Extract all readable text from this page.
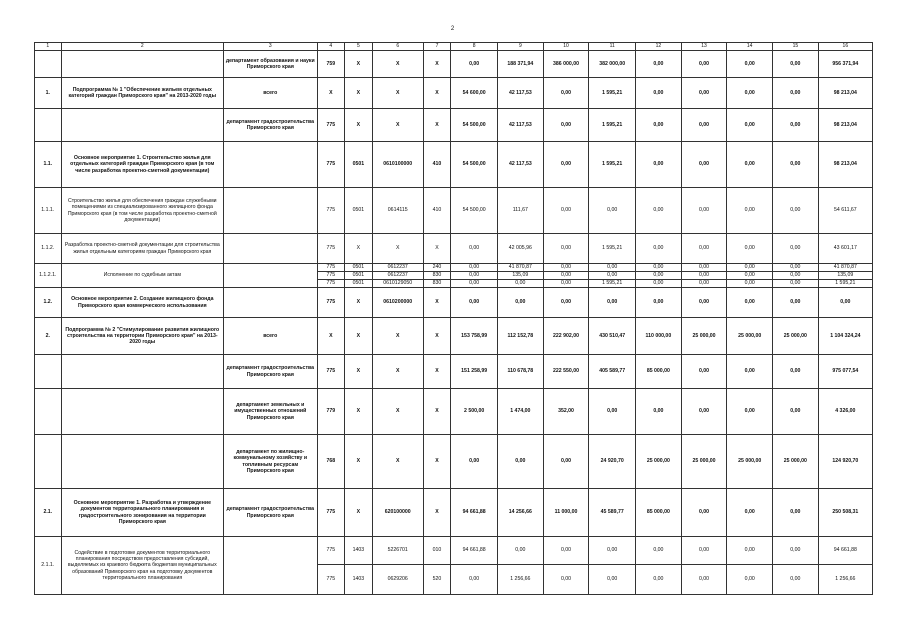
2
1	2	3	4	5	6	7	8	9	10	11	12	13	14	15	16
		департамент образования и науки Приморского края	759	Х	Х	Х	0,00	188 371,94	386 000,00	382 000,00	0,00	0,00	0,00	0,00	956 371,94
1.	Подпрограмма № 1 "Обеспечение жильем отдельных категорий граждан Приморского края" на 2013-2020 годы	всего	Х	Х	Х	Х	54 600,00	42 117,53	0,00	1 595,21	0,00	0,00	0,00	0,00	98 213,04
		департамент градостроительства Приморского края	775	Х	Х	Х	54 500,00	42 117,53	0,00	1 595,21	0,00	0,00	0,00	0,00	98 213,04
1.1.	Основное мероприятие 1. Строительство жилья для отдельных категорий граждан Приморского края (в том числе разработка проектно-сметной документации)		775	0501	0610100000	410	54 500,00	42 117,53	0,00	1 595,21	0,00	0,00	0,00	0,00	98 213,04
1.1.1.	Строительство жилья для обеспечения граждан служебными помещениями из специализированного жилищного фонда Приморского края (в том числе разработка проектно-сметной документации)		775	0501	0614115	410	54 500,00	111,67	0,00	0,00	0,00	0,00	0,00	0,00	54 611,67
1.1.2.	Разработка проектно-сметной документации для строительства жилья отдельным категориям граждан Приморского края		775	Х	Х	Х	0,00	42 005,96	0,00	1 595,21	0,00	0,00	0,00	0,00	43 601,17
1.1.2.1.	Исполнение по судебным актам		775	0501	0612237	240	0,00	41 870,87	0,00	0,00	0,00	0,00	0,00	0,00	41 870,87
			775	0501	0612237	830	0,00	135,09	0,00	0,00	0,00	0,00	0,00	0,00	135,09
			775	0501	0610129050	830	0,00	0,00	0,00	1 595,21	0,00	0,00	0,00	0,00	1 595,21
1.2.	Основное мероприятие 2. Создание жилищного фонда Приморского края коммерческого использования		775	Х	0610200000	Х	0,00	0,00	0,00	0,00	0,00	0,00	0,00	0,00	0,00
2.	Подпрограмма № 2 "Стимулирование развития жилищного строительства на территории Приморского края" на 2013-2020 годы	всего	Х	Х	Х	Х	153 758,99	112 152,78	222 902,00	430 510,47	110 000,00	25 000,00	25 000,00	25 000,00	1 104 324,24
		департамент градостроительства Приморского края	775	Х	Х	Х	151 258,99	110 678,78	222 550,00	405 589,77	85 000,00	0,00	0,00	0,00	975 077,54
		департамент земельных и имущественных отношений Приморского края	779	Х	Х	Х	2 500,00	1 474,00	352,00	0,00	0,00	0,00	0,00	0,00	4 326,00
		департамент по жилищно-коммунальному хозяйству и топливным ресурсам Приморского края	768	Х	Х	Х	0,00	0,00	0,00	24 920,70	25 000,00	25 000,00	25 000,00	25 000,00	124 920,70
2.1.	Основное мероприятие 1. Разработка и утверждение документов территориального планирования и градостроительного зонирования на территории Приморского края	департамент градостроительства Приморского края	775	Х	620100000	Х	94 661,88	14 256,66	11 000,00	45 589,77	85 000,00	0,00	0,00	0,00	250 508,31
2.1.1.	Содействие в подготовке документов территориального планирования посредством предоставления субсидий, выделяемых из краевого бюджета бюджетам муниципальных образований Приморского края на подготовку документов территориального планирования		775	1403	5226701	010	94 661,88	0,00	0,00	0,00	0,00	0,00	0,00	0,00	94 661,88
			775	1403	0629206	520	0,00	1 256,66	0,00	0,00	0,00	0,00	0,00	0,00	1 256,66
